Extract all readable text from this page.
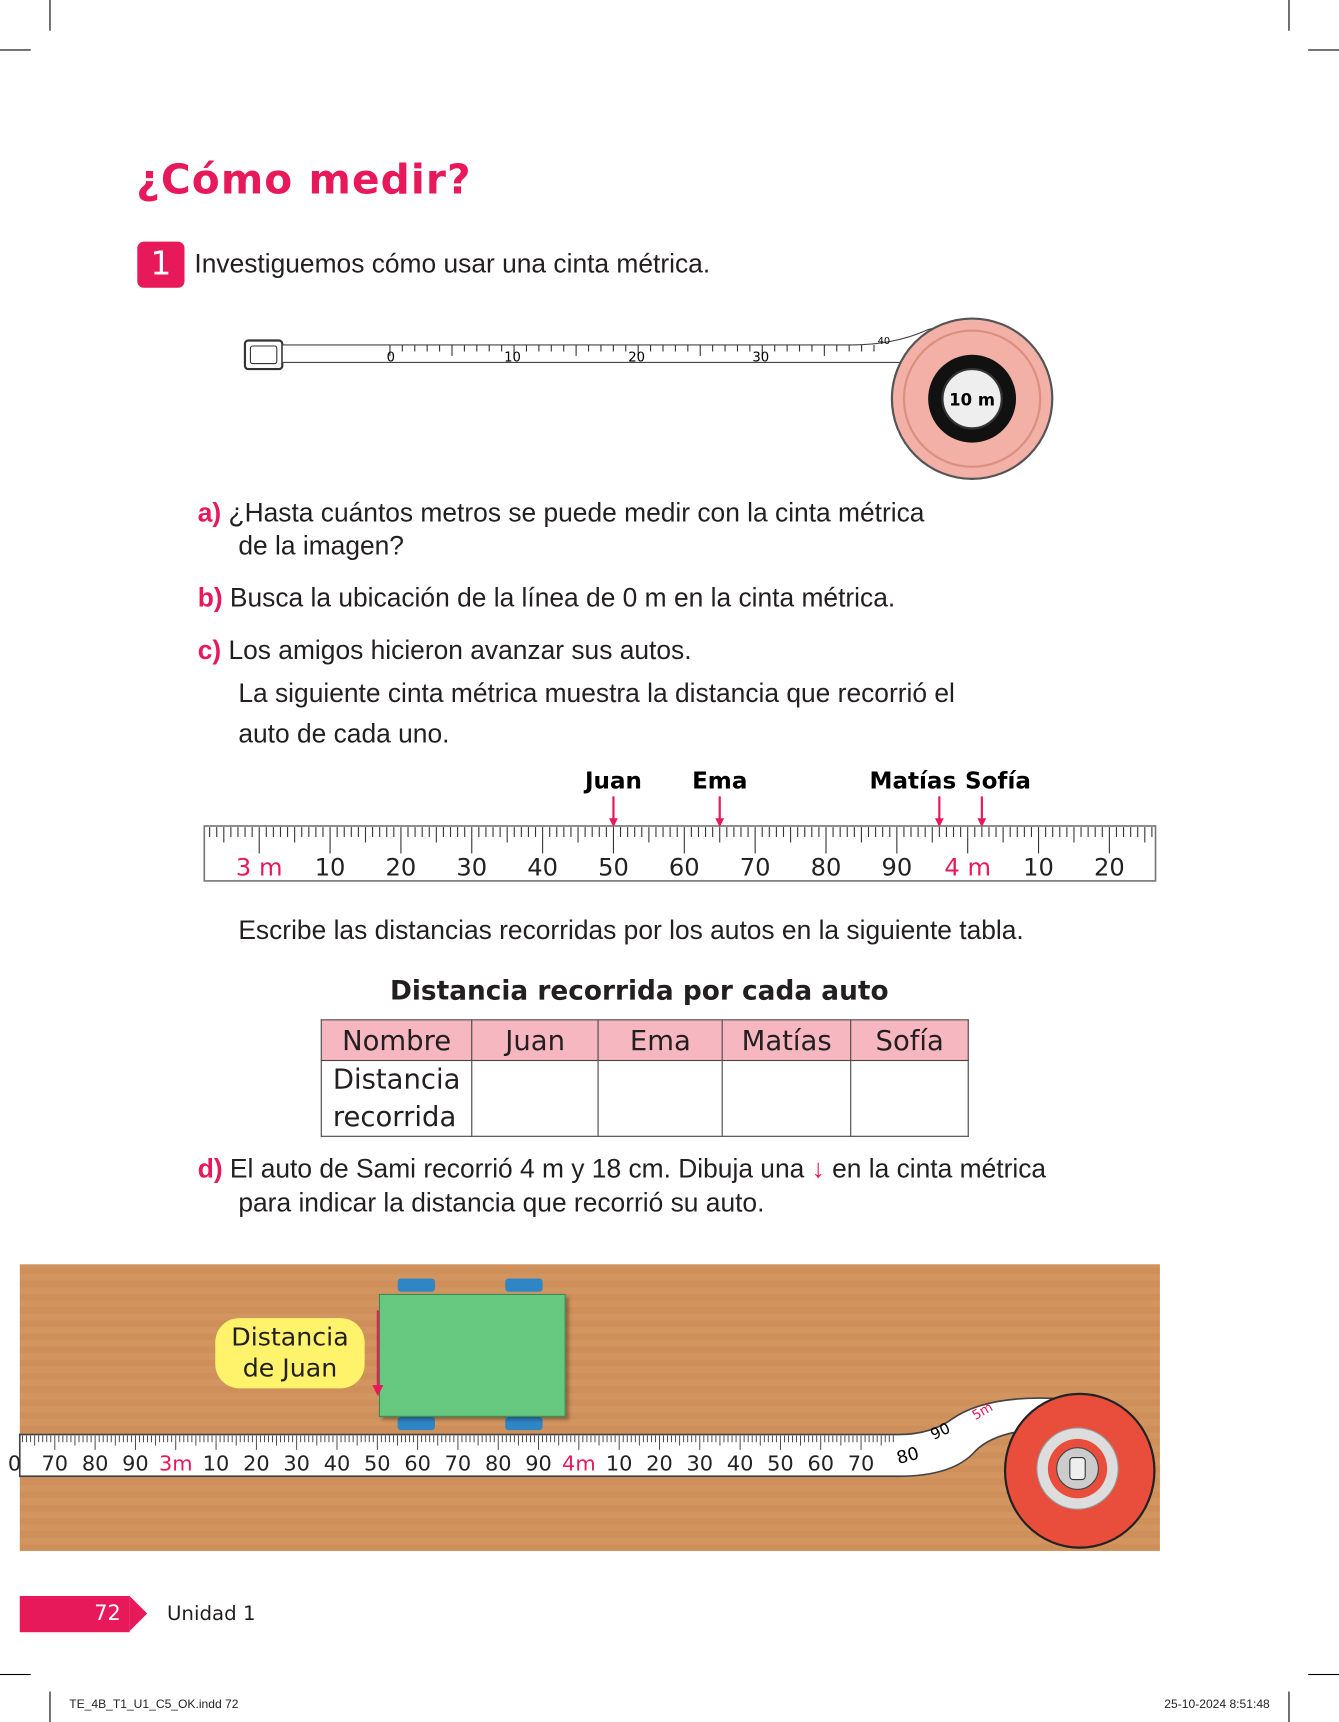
¿Cómo medir?
1 Investiguemos cómo usar una cinta métrica.
0	10	20	30
40
10 m
a) ¿Hasta cuántos metros se puede medir con la cinta métrica
de la imagen?
b) Busca la ubicación de la línea de 0 m en la cinta métrica.
c) Los amigos hicieron avanzar sus autos.
La siguiente cinta métrica muestra la distancia que recorrió el
auto de cada uno.
3 m 10 20 30 40 50 60 70 80 90 4 m 10 20
Juan Ema	Matías Sofía
Escribe las distancias recorridas por los autos en la siguiente tabla.
Distancia recorrida por cada auto
Nombre	Juan	Ema	Matías	Sofía
Distancia
recorrida				
d) El auto de Sami recorrió 4 m y 18 cm. Dibuja una ↓ en la cinta métrica
para indicar la distancia que recorrió su auto.
0 70 80 90 3m 10 20 30 40 50 60 70 80 90 4m 10 20 30 40 50 60 70 80
90
5m
Distancia
de Juan
72	Unidad 1
TE_4B_T1_U1_C5_OK.indd 72	25-10-2024 8:51:48
